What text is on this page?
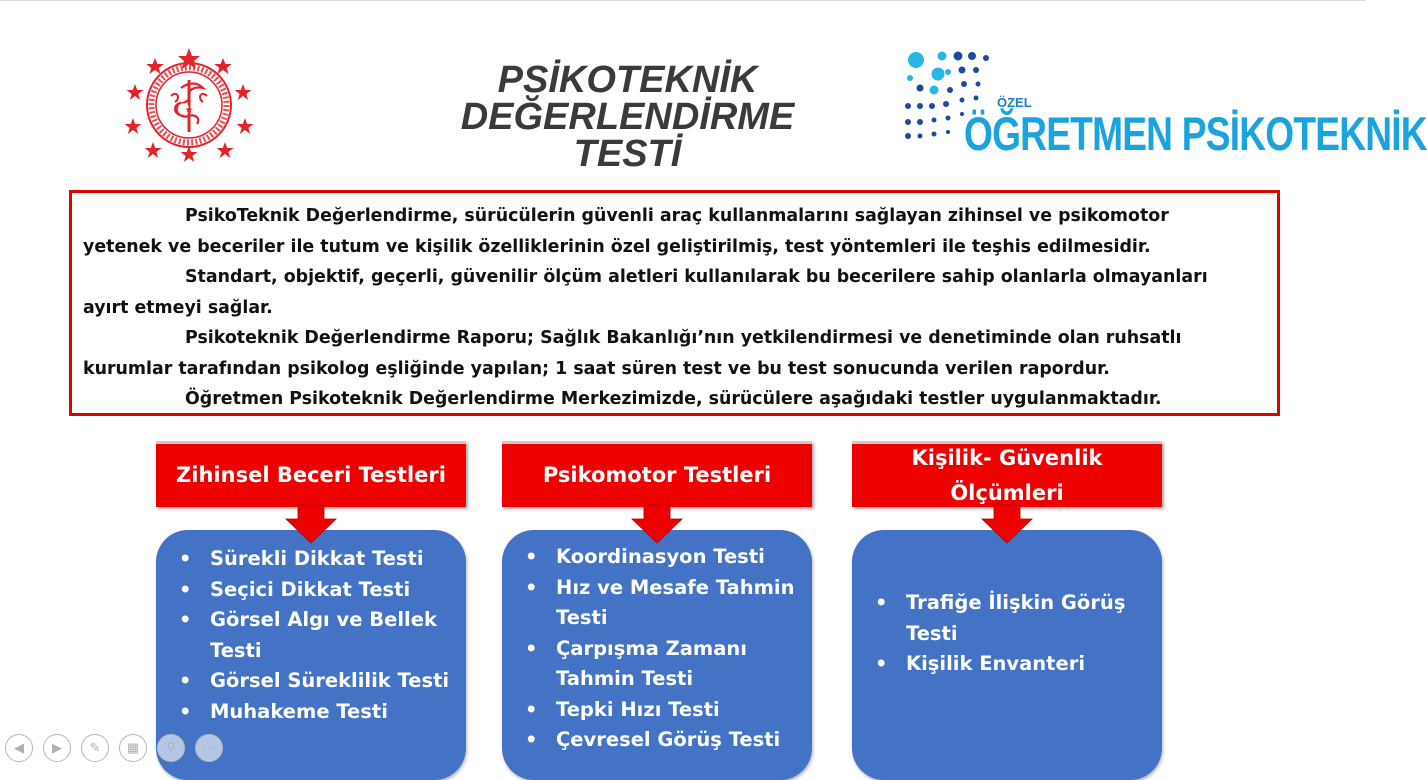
PSİKOTEKNİK
DEĞERLENDİRME
TESTİ
ÖZEL
ÖĞRETMEN PSİKOTEKNİK

PsikoTeknik Değerlendirme, sürücülerin güvenli araç kullanmalarını sağlayan zihinsel ve psikomotor

yetenek ve beceriler ile tutum ve kişilik özelliklerinin özel geliştirilmiş, test yöntemleri ile teşhis edilmesidir.

Standart, objektif, geçerli, güvenilir ölçüm aletleri kullanılarak bu becerilere sahip olanlarla olmayanları

ayırt etmeyi sağlar.

Psikoteknik Değerlendirme Raporu; Sağlık Bakanlığı’nın yetkilendirmesi ve denetiminde olan ruhsatlı

kurumlar tarafından psikolog eşliğinde yapılan; 1 saat süren test ve bu test sonucunda verilen rapordur.

Öğretmen Psikoteknik Değerlendirme Merkezimizde, sürücülere aşağıdaki testler uygulanmaktadır.

Zihinsel Beceri Testleri
• Sürekli Dikkat Testi
• Seçici Dikkat Testi
• Görsel Algı ve Bellek
Testi
• Görsel Süreklilik Testi
• Muhakeme Testi
Psikomotor Testleri
• Koordinasyon Testi
• Hız ve Mesafe Tahmin
Testi
• Çarpışma Zamanı
Tahmin Testi
• Tepki Hızı Testi
• Çevresel Görüş Testi
Kişilik- Güvenlik
Ölçümleri
• Trafiğe İlişkin Görüş
Testi
• Kişilik Envanteri
◀	▶	✎	▦	⚲	⋯
